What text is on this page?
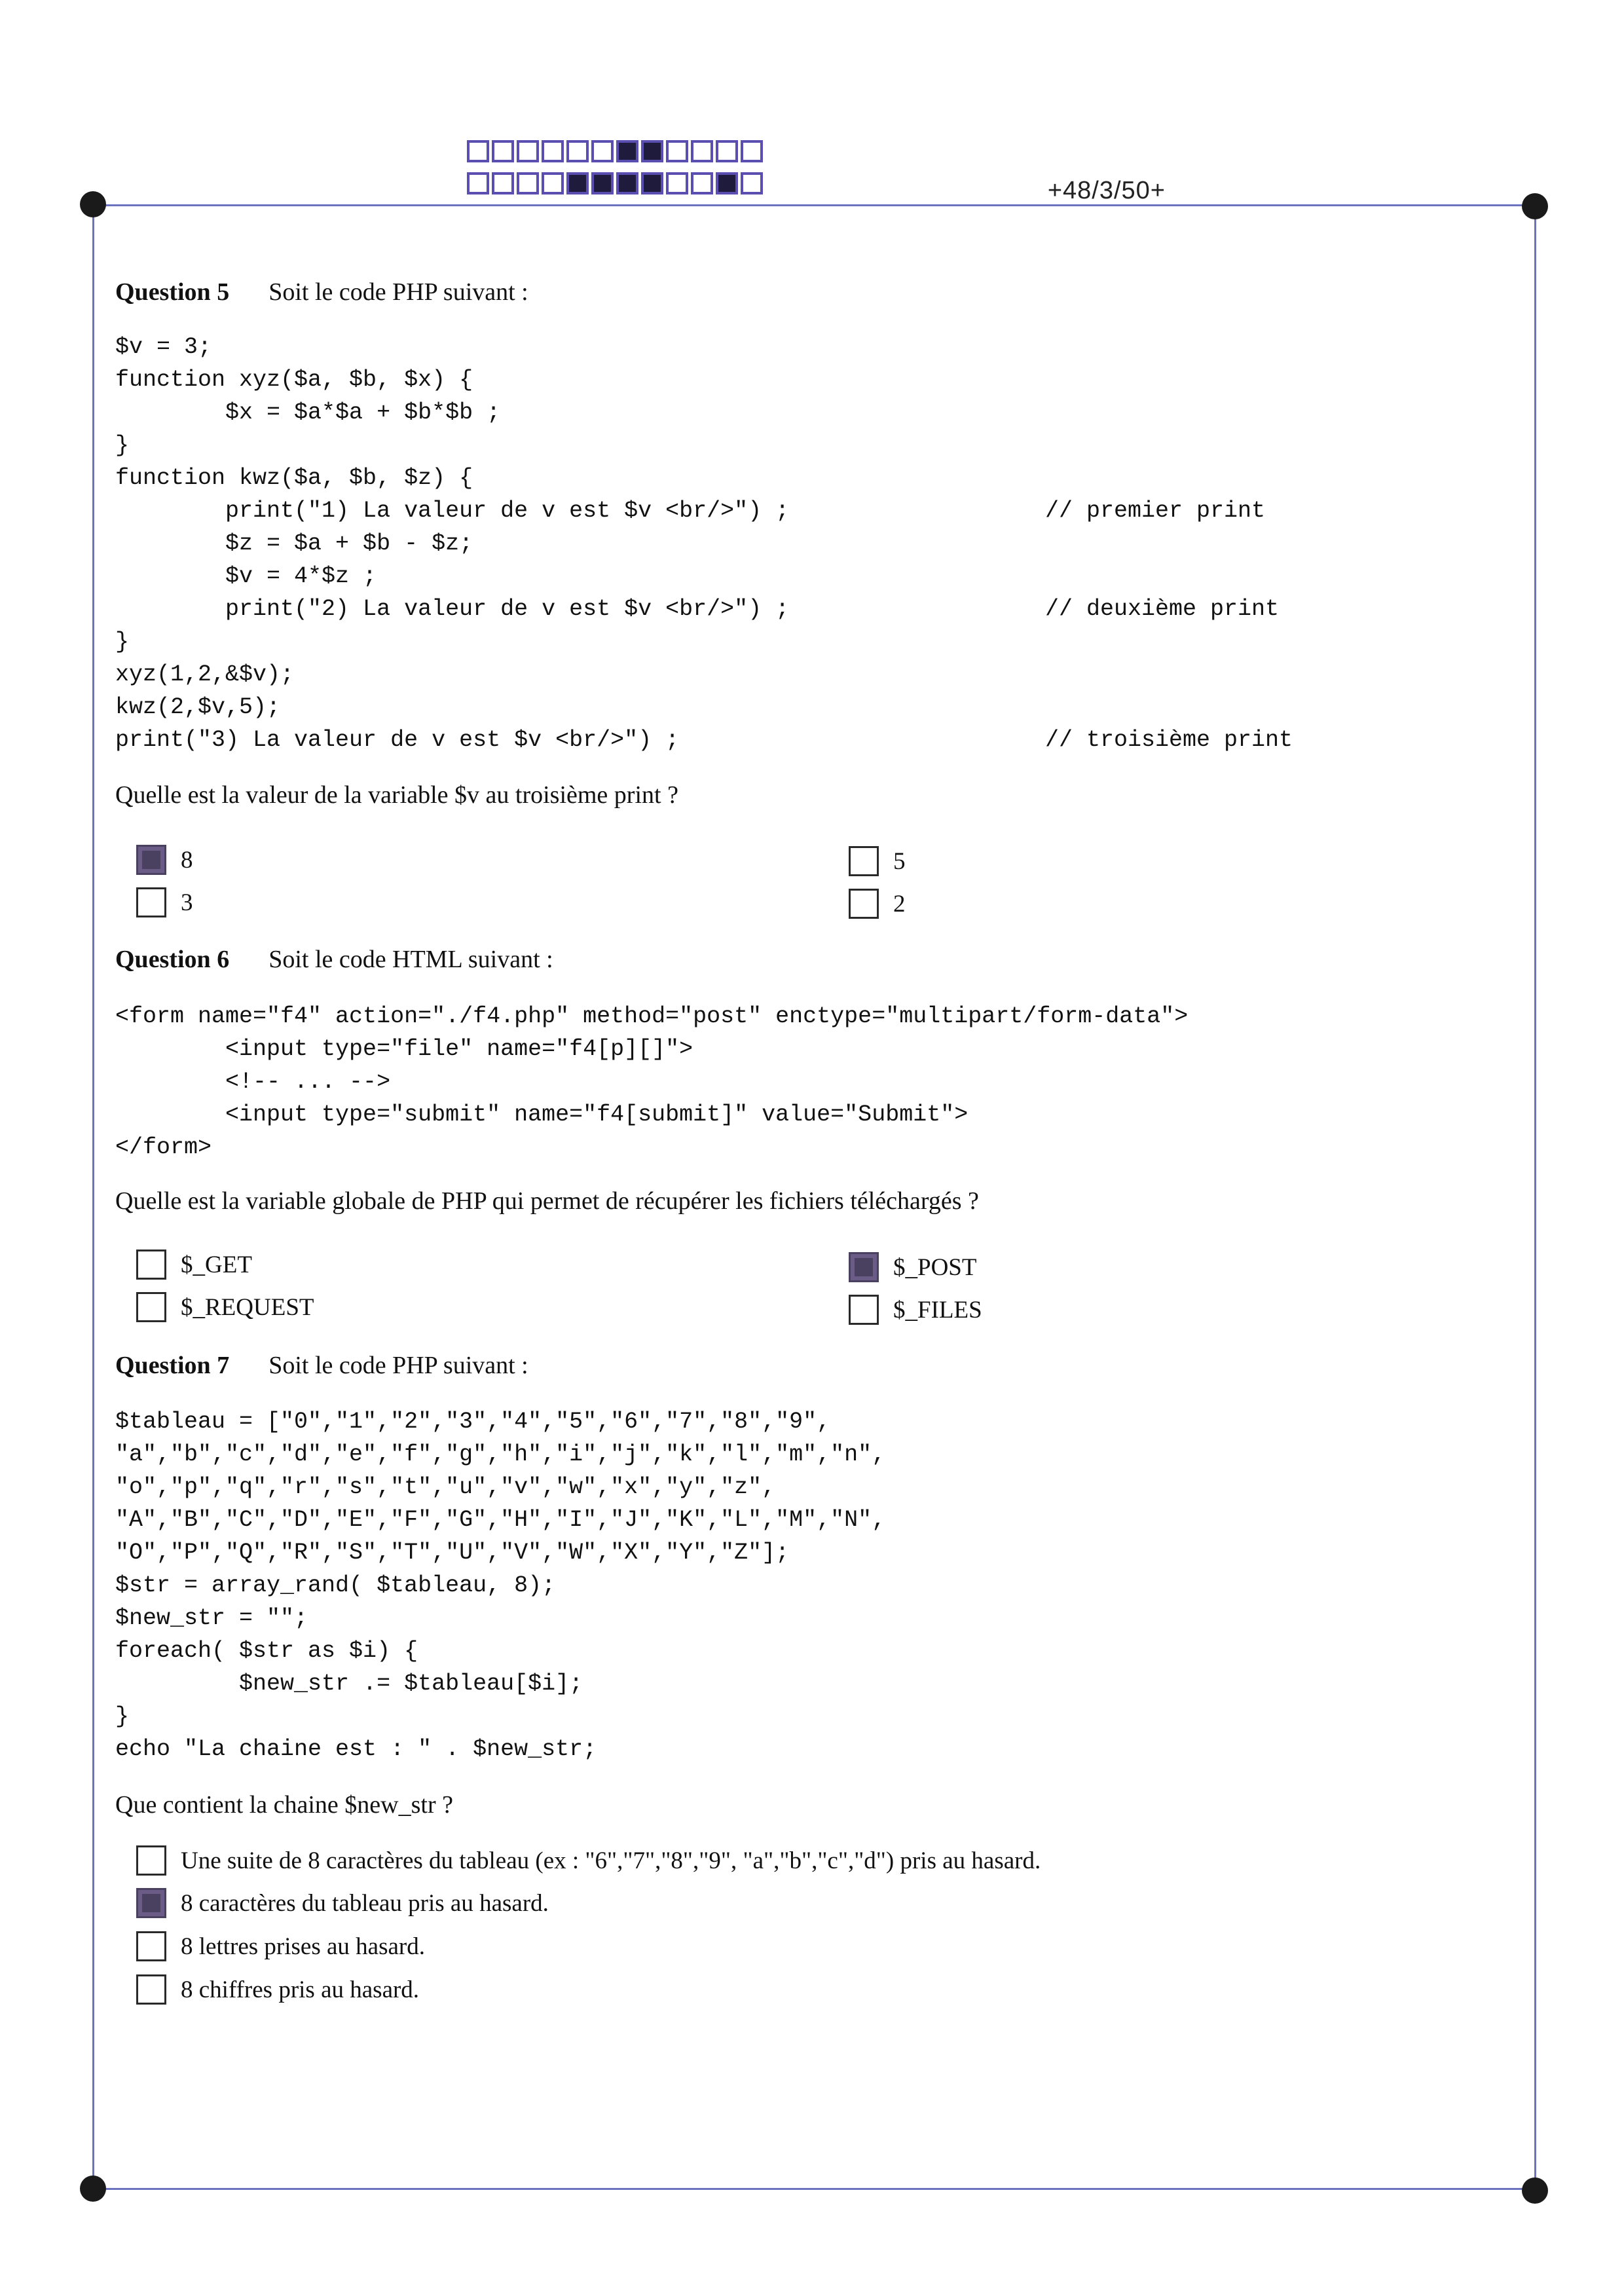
+48/3/50+
Question 5 Soit le code PHP suivant :
$v = 3;
function xyz($a, $b, $x) {
$x = $a*$a + $b*$b ;
}
function kwz($a, $b, $z) {
print("1) La valeur de v est $v <br/>") ;
$z = $a + $b - $z;
$v = 4*$z ;
print("2) La valeur de v est $v <br/>") ;
}
xyz(1,2,&$v);
kwz(2,$v,5);
print("3) La valeur de v est $v <br/>") ;
// premier print
// deuxième print
// troisième print
Quelle est la valeur de la variable $v au troisième print ?
8	5
3	2
Question 6 Soit le code HTML suivant :
<form name="f4" action="./f4.php" method="post" enctype="multipart/form-data">
<input type="file" name="f4[p][]">
<!-- ... -->
<input type="submit" name="f4[submit]" value="Submit">
</form>
Quelle est la variable globale de PHP qui permet de récupérer les fichiers téléchargés ?
$_GET	$_POST
$_REQUEST	$_FILES
Question 7 Soit le code PHP suivant :
$tableau = ["0","1","2","3","4","5","6","7","8","9",
"a","b","c","d","e","f","g","h","i","j","k","l","m","n",
"o","p","q","r","s","t","u","v","w","x","y","z",
"A","B","C","D","E","F","G","H","I","J","K","L","M","N",
"O","P","Q","R","S","T","U","V","W","X","Y","Z"];
$str = array_rand( $tableau, 8);
$new_str = "";
foreach( $str as $i) {
$new_str .= $tableau[$i];
}
echo "La chaine est : " . $new_str;
Que contient la chaine $new_str ?
Une suite de 8 caractères du tableau (ex : "6","7","8","9", "a","b","c","d") pris au hasard.
8 caractères du tableau pris au hasard.
8 lettres prises au hasard.
8 chiffres pris au hasard.
